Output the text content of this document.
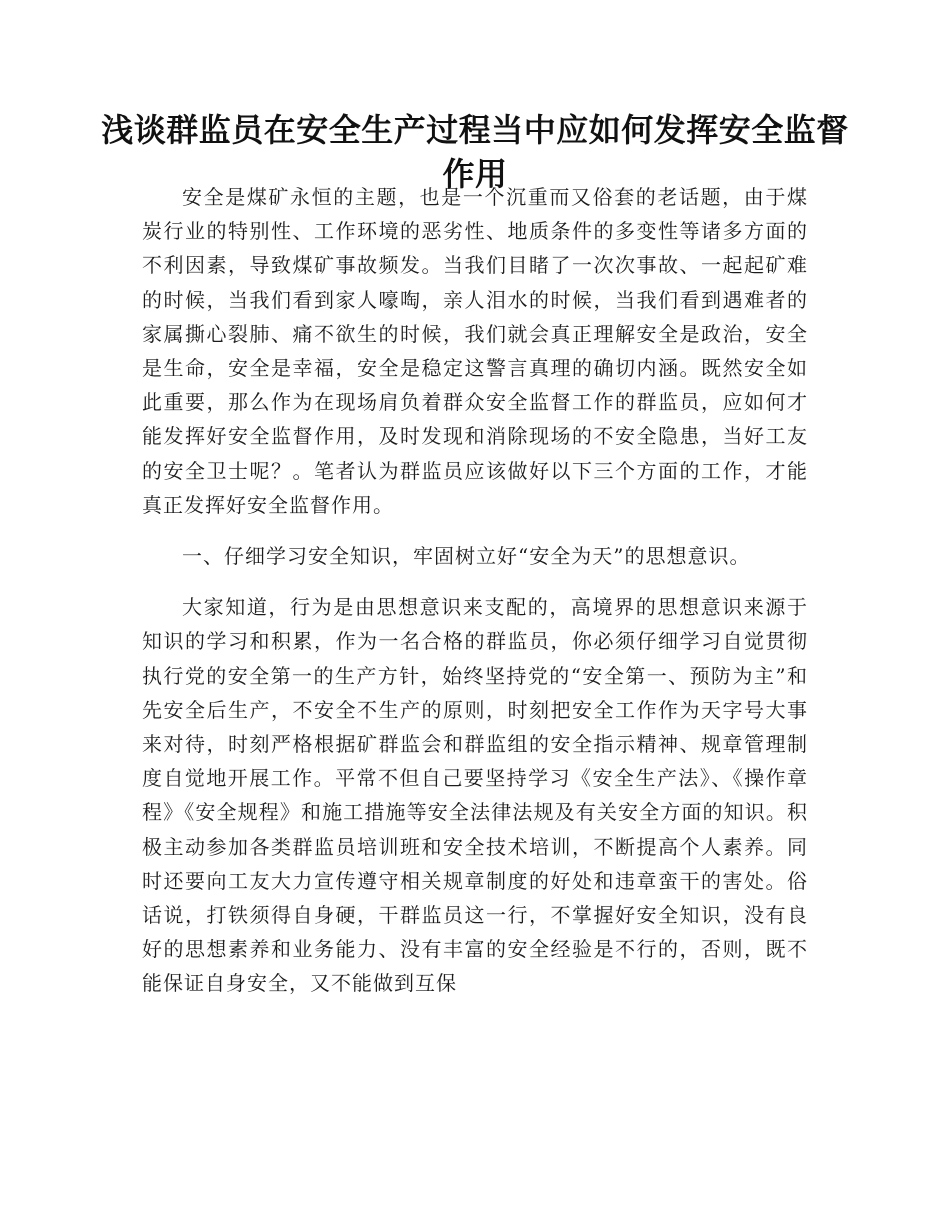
浅谈群监员在安全生产过程当中应如何发挥安全监督作用

安全是煤矿永恒的主题，也是一个沉重而又俗套的老话题，由于煤炭行业的特别性、工作环境的恶劣性、地质条件的多变性等诸多方面的不利因素，导致煤矿事故频发。当我们目睹了一次次事故、一起起矿难的时候，当我们看到家人嚎啕，亲人泪水的时候，当我们看到遇难者的家属撕心裂肺、痛不欲生的时候，我们就会真正理解安全是政治，安全是生命，安全是幸福，安全是稳定这警言真理的确切内涵。既然安全如此重要，那么作为在现场肩负着群众安全监督工作的群监员，应如何才能发挥好安全监督作用，及时发现和消除现场的不安全隐患，当好工友的安全卫士呢？。笔者认为群监员应该做好以下三个方面的工作，才能真正发挥好安全监督作用。

一、仔细学习安全知识，牢固树立好“安全为天”的思想意识。

大家知道，行为是由思想意识来支配的，高境界的思想意识来源于知识的学习和积累，作为一名合格的群监员，你必须仔细学习自觉贯彻执行党的安全第一的生产方针，始终坚持党的“安全第一、预防为主”和先安全后生产，不安全不生产的原则，时刻把安全工作作为天字号大事来对待，时刻严格根据矿群监会和群监组的安全指示精神、规章管理制度自觉地开展工作。平常不但自己要坚持学习《安全生产法》、《操作章程》《安全规程》和施工措施等安全法律法规及有关安全方面的知识。积极主动参加各类群监员培训班和安全技术培训，不断提高个人素养。同时还要向工友大力宣传遵守相关规章制度的好处和违章蛮干的害处。俗话说，打铁须得自身硬，干群监员这一行，不掌握好安全知识，没有良好的思想素养和业务能力、没有丰富的安全经验是不行的，否则，既不能保证自身安全，又不能做到互保
